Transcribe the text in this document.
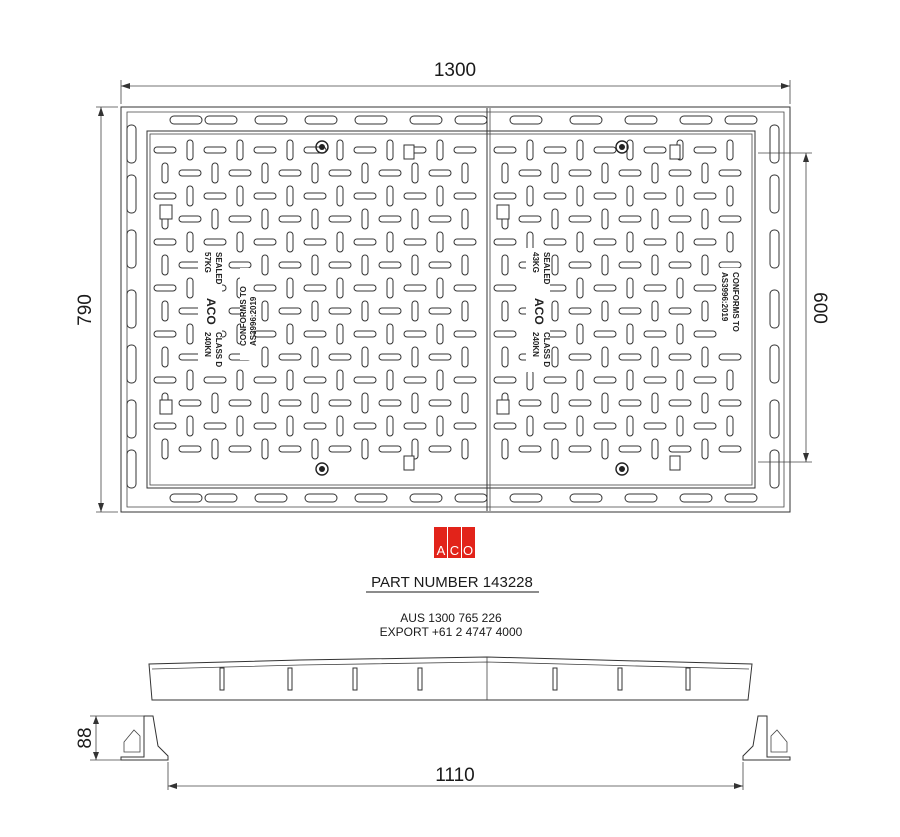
SEALED
57KG
ACO
CLASS D
240KN	CONFORMS TO AS3996:2019
SEALED
43KG
ACO
CLASS D
240KN
CONFORMS TO
AS3996:2019
1300
790	600
A C O
PART NUMBER 143228
AUS 1300 765 226
EXPORT +61 2 4747 4000
88
1110
